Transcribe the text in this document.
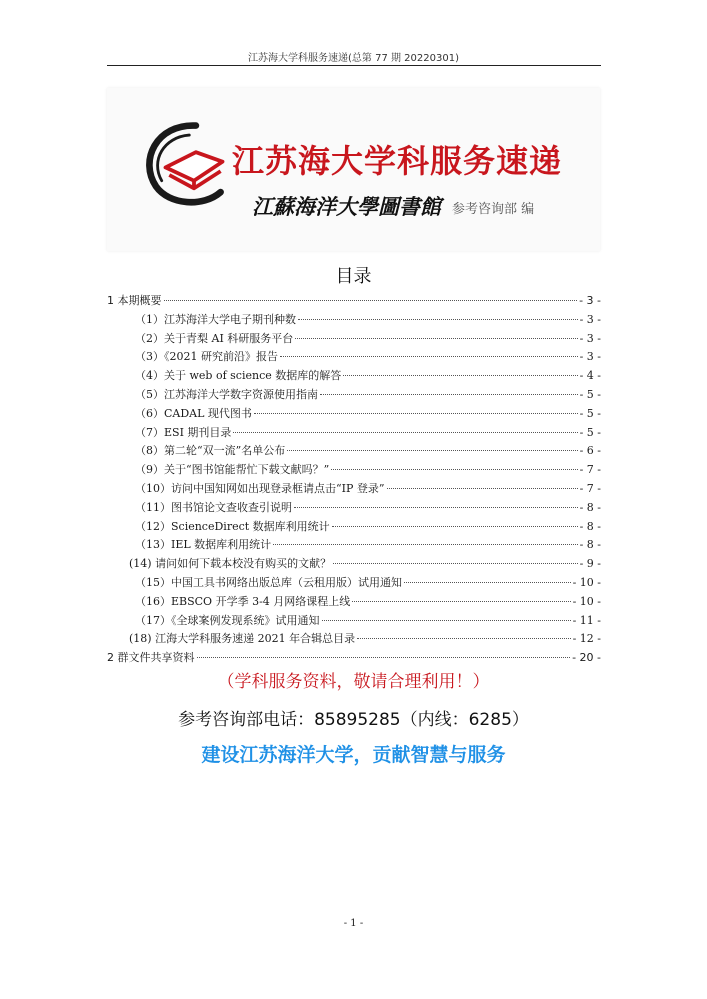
江苏海大学科服务速递(总第 77 期 20220301)
江苏海大学科服务速递
江蘇海洋大學圖書館 参考咨询部 编
目录
1 本期概要	- 3 -
（1）江苏海洋大学电子期刊种数	- 3 -
（2）关于青梨 AI 科研服务平台	- 3 -
（3）《2021 研究前沿》报告	- 3 -
（4）关于 web of science 数据库的解答	- 4 -
（5）江苏海洋大学数字资源使用指南	- 5 -
（6）CADAL 现代图书	- 5 -
（7）ESI 期刊目录	- 5 -
（8）第二轮“双一流”名单公布	- 6 -
（9）关于“图书馆能帮忙下载文献吗？”	- 7 -
（10）访问中国知网如出现登录框请点击“IP 登录”	- 7 -
（11）图书馆论文查收查引说明	- 8 -
（12）ScienceDirect 数据库利用统计	- 8 -
（13）IEL 数据库利用统计	- 8 -
(14) 请问如何下载本校没有购买的文献？	- 9 -
（15）中国工具书网络出版总库（云租用版）试用通知	- 10 -
（16）EBSCO 开学季 3-4 月网络课程上线	- 10 -
（17）《全球案例发现系统》试用通知	- 11 -
(18) 江海大学科服务速递 2021 年合辑总目录	- 12 -
2 群文件共享资料	- 20 -
（学科服务资料，敬请合理利用！）
参考咨询部电话：85895285（内线：6285）
建设江苏海洋大学，贡献智慧与服务
- 1 -
